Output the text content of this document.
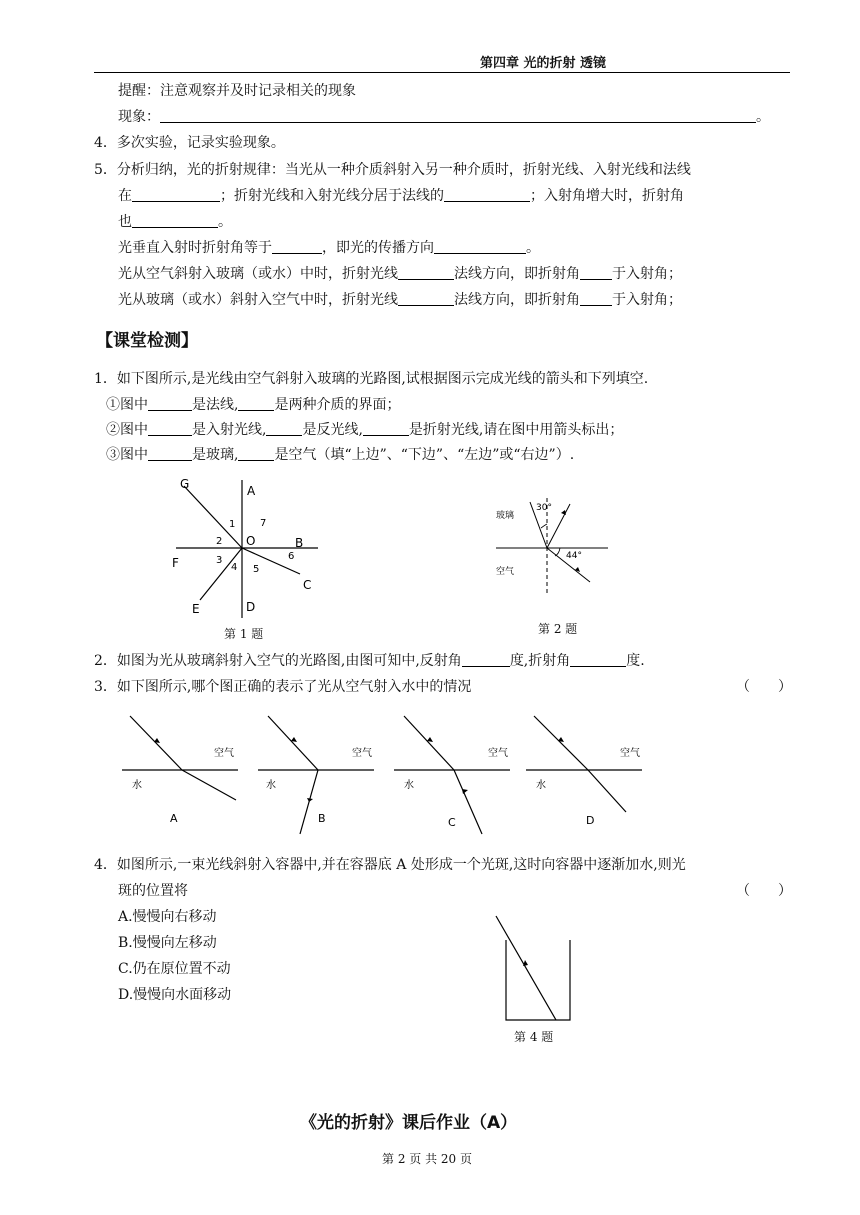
第四章 光的折射 透镜
提醒：注意观察并及时记录相关的现象
现象：	。
4．多次实验，记录实验现象。
5．分析归纳，光的折射规律：当光从一种介质斜射入另一种介质时，折射光线、入射光线和法线
在	；折射光线和入射光线分居于法线的	；入射角增大时，折射角
也	。
光垂直入射时折射角等于	，即光的传播方向	。
光从空气斜射入玻璃（或水）中时，折射光线	法线方向，即折射角 于入射角；
光从玻璃（或水）斜射入空气中时，折射光线	法线方向，即折射角 于入射角；
【课堂检测】
1．如下图所示,是光线由空气斜射入玻璃的光路图,试根据图示完成光线的箭头和下列填空.
①图中	是法线,	是两种介质的界面；
②图中	是入射光线,	是反光线,	是折射光线,请在图中用箭头标出；
③图中	是玻璃,	是空气（填“上边”、“下边”、“左边”或“右边”）.
G	A
B
C
D
E
F
O
1
2
3
4 5
6
7
第 1 题
玻璃
空气
30°
44°
第 2 题
2．如图为光从玻璃斜射入空气的光路图,由图可知中,反射角	度,折射角	度.
3．如下图所示,哪个图正确的表示了光从空气射入水中的情况	（　　）
空气	空气	空气	空气
水	水	水	水
A	B	C	D
4．如图所示,一束光线斜射入容器中,并在容器底 A 处形成一个光斑,这时向容器中逐渐加水,则光
斑的位置将	（　　）
A.慢慢向右移动
B.慢慢向左移动
C.仍在原位置不动
D.慢慢向水面移动
第 4 题
《光的折射》课后作业（A）
第 2 页 共 20 页
